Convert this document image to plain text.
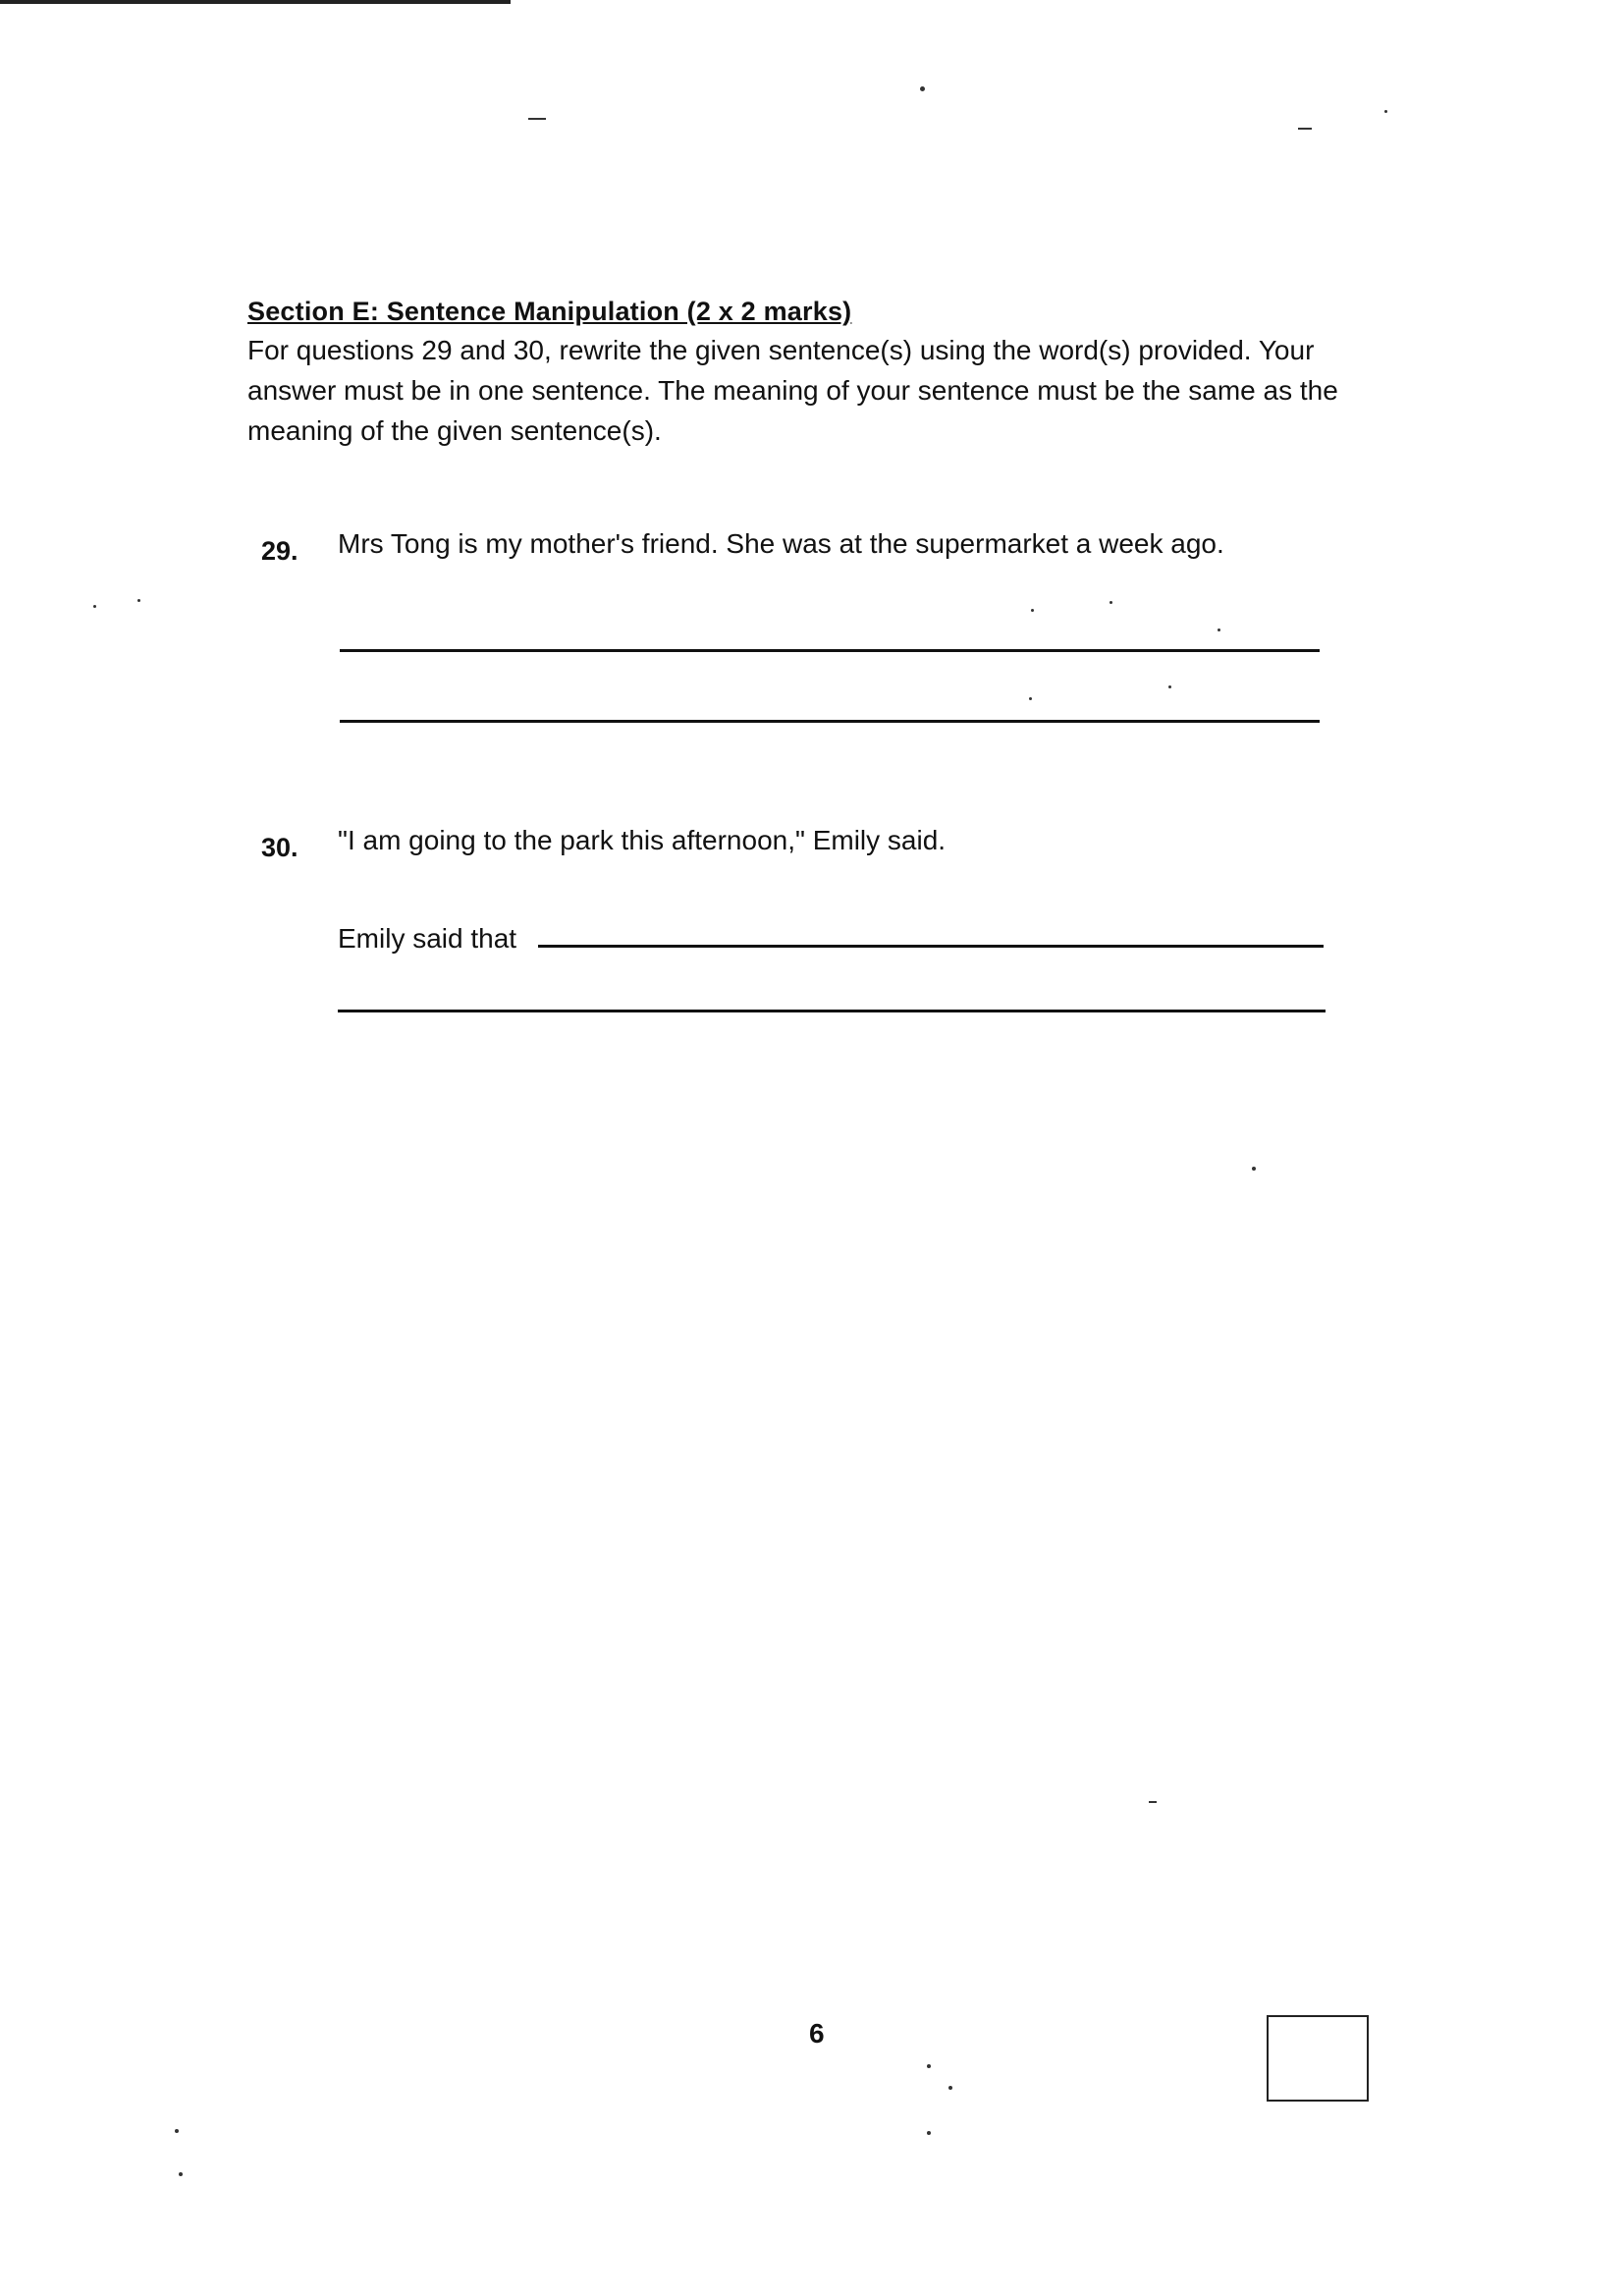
Section E: Sentence Manipulation (2 x 2 marks)
For questions 29 and 30, rewrite the given sentence(s) using the word(s) provided. Your answer must be in one sentence. The meaning of your sentence must be the same as the meaning of the given sentence(s).
29. Mrs Tong is my mother's friend. She was at the supermarket a week ago.
30. "I am going to the park this afternoon," Emily said.
Emily said that
6
